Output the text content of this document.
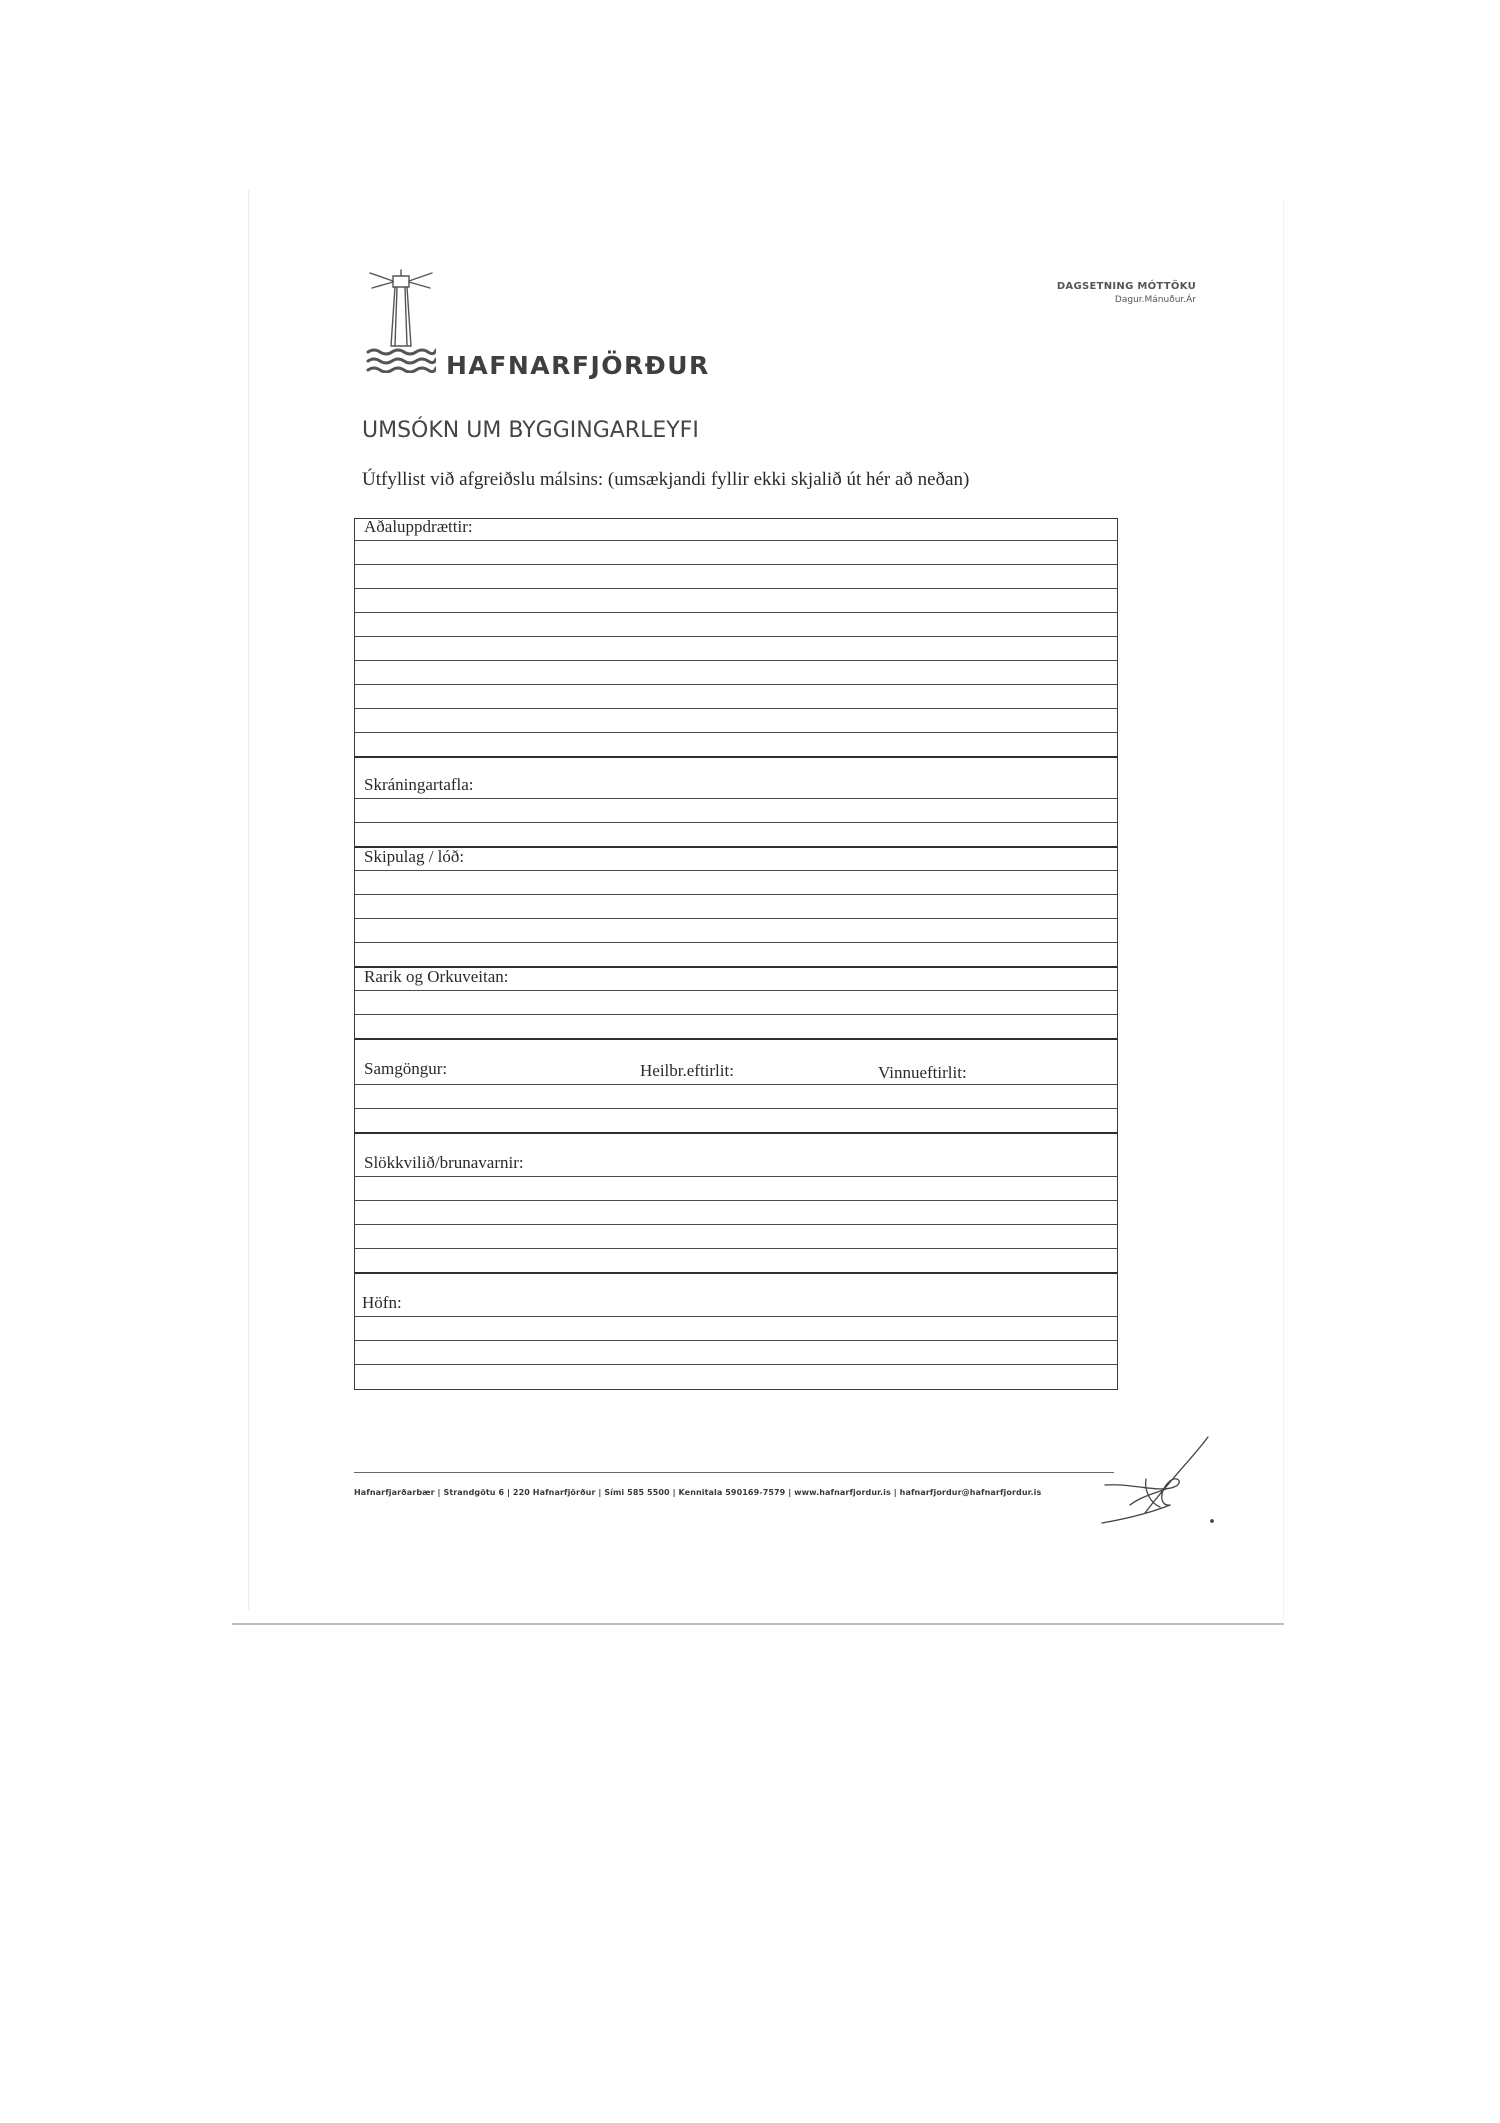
HAFNARFJÖRÐUR
DAGSETNING MÓTTÖKU
Dagur.Mánuður.Ár
UMSÓKN UM BYGGINGARLEYFI
Útfyllist við afgreiðslu málsins: (umsækjandi fyllir ekki skjalið út hér að neðan)
Aðaluppdrættir:
Skráningartafla:
Skipulag / lóð:
Rarik og Orkuveitan:
Samgöngur:	Heilbr.eftirlit:	Vinnueftirlit:
Slökkvilið/brunavarnir:
Höfn:
Hafnarfjarðarbær | Strandgötu 6 | 220 Hafnarfjörður | Sími 585 5500 | Kennitala 590169-7579 | www.hafnarfjordur.is | hafnarfjordur@hafnarfjordur.is
